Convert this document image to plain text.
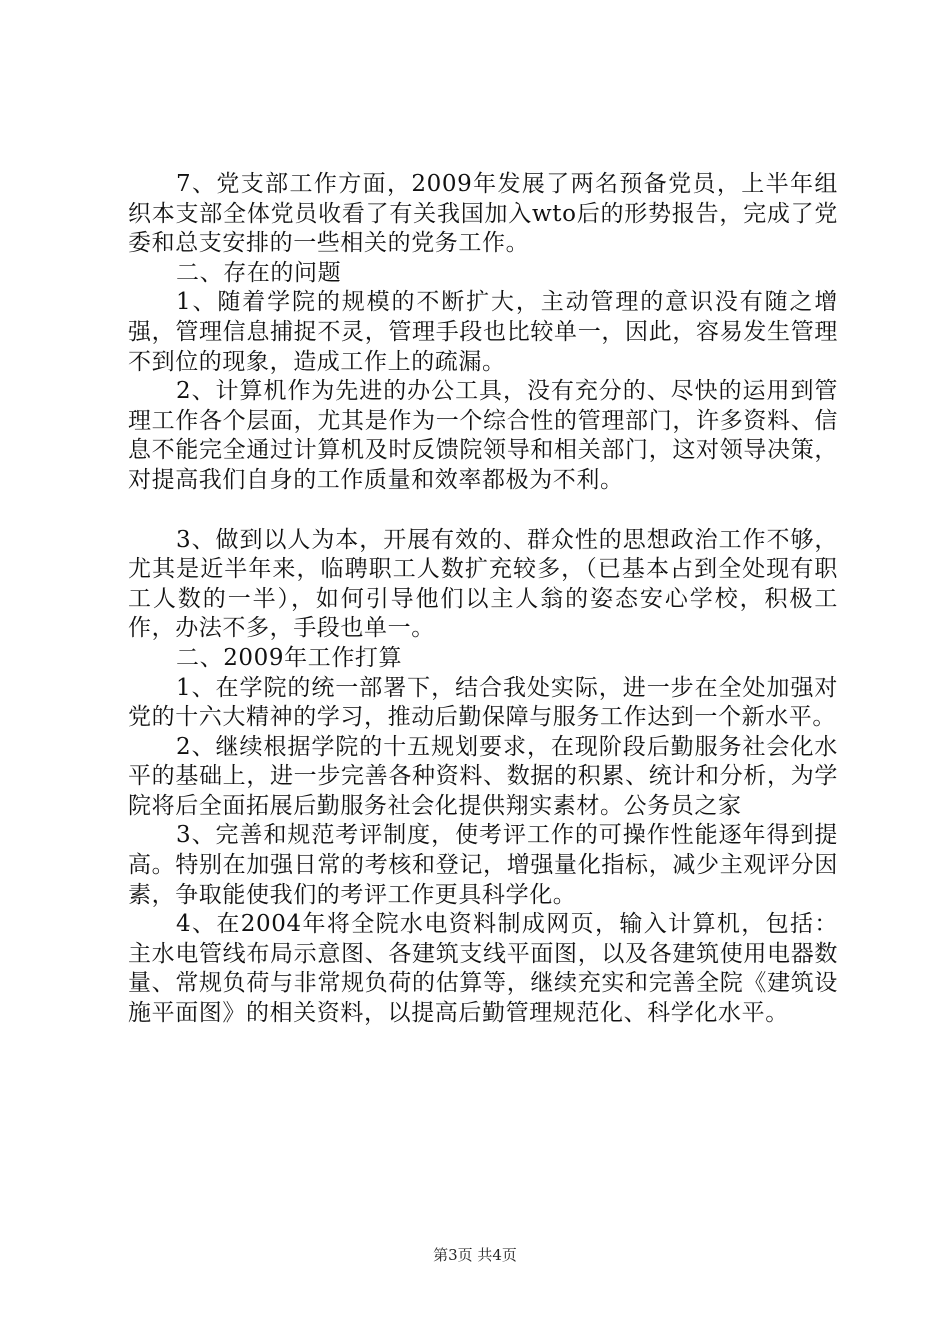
7、党支部工作方面，2009年发展了两名预备党员，上半年组织本支部全体党员收看了有关我国加入wto后的形势报告，完成了党委和总支安排的一些相关的党务工作。

二、存在的问题

1、随着学院的规模的不断扩大，主动管理的意识没有随之增强，管理信息捕捉不灵，管理手段也比较单一，因此，容易发生管理不到位的现象，造成工作上的疏漏。

2、计算机作为先进的办公工具，没有充分的、尽快的运用到管理工作各个层面，尤其是作为一个综合性的管理部门，许多资料、信息不能完全通过计算机及时反馈院领导和相关部门，这对领导决策，对提高我们自身的工作质量和效率都极为不利。

3、做到以人为本，开展有效的、群众性的思想政治工作不够，尤其是近半年来，临聘职工人数扩充较多，（已基本占到全处现有职工人数的一半），如何引导他们以主人翁的姿态安心学校，积极工作，办法不多，手段也单一。

二、2009年工作打算

1、在学院的统一部署下，结合我处实际，进一步在全处加强对党的十六大精神的学习，推动后勤保障与服务工作达到一个新水平。

2、继续根据学院的十五规划要求，在现阶段后勤服务社会化水平的基础上，进一步完善各种资料、数据的积累、统计和分析，为学院将后全面拓展后勤服务社会化提供翔实素材。公务员之家

3、完善和规范考评制度，使考评工作的可操作性能逐年得到提高。特别在加强日常的考核和登记，增强量化指标，减少主观评分因素，争取能使我们的考评工作更具科学化。

4、在2004年将全院水电资料制成网页，输入计算机，包括：主水电管线布局示意图、各建筑支线平面图，以及各建筑使用电器数量、常规负荷与非常规负荷的估算等，继续充实和完善全院《建筑设施平面图》的相关资料，以提高后勤管理规范化、科学化水平。

第3页 共4页
